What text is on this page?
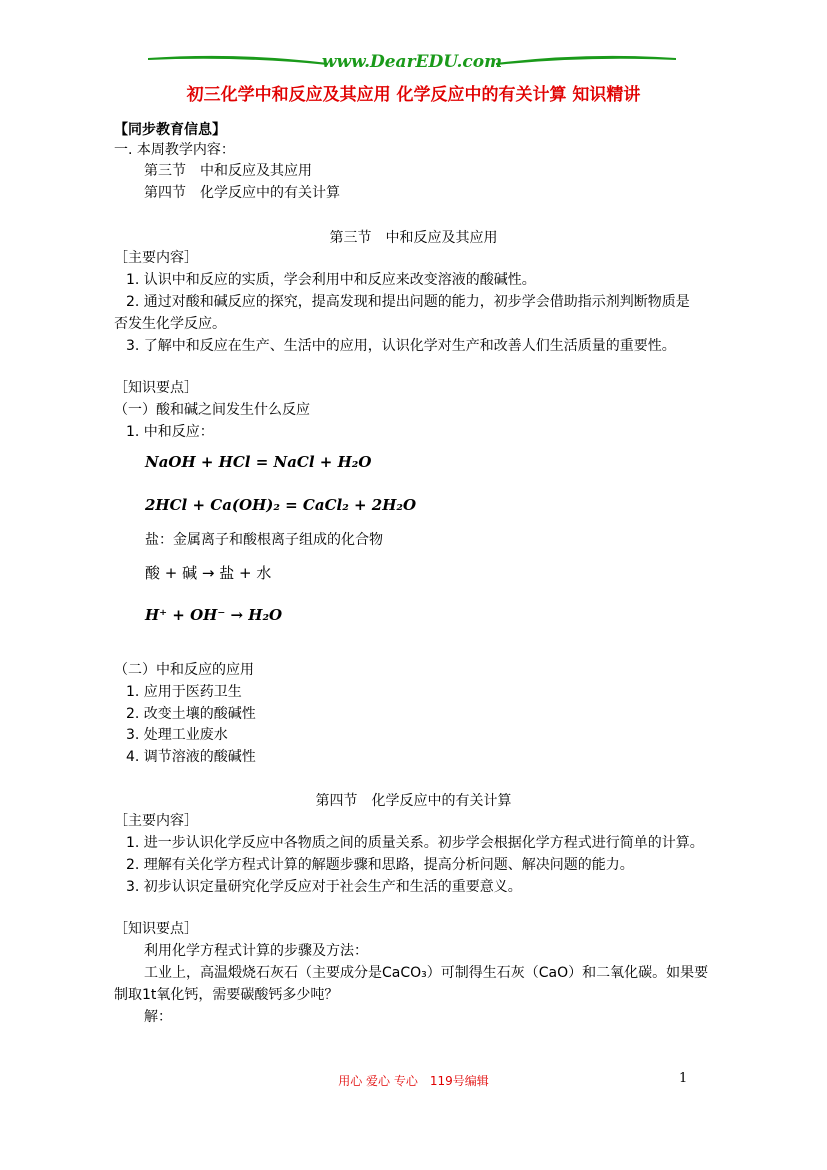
www.DearEDU.com
初三化学中和反应及其应用 化学反应中的有关计算 知识精讲
【同步教育信息】
一. 本周教学内容：
第三节　中和反应及其应用
第四节　化学反应中的有关计算
第三节　中和反应及其应用
［主要内容］
1. 认识中和反应的实质，学会利用中和反应来改变溶液的酸碱性。
2. 通过对酸和碱反应的探究，提高发现和提出问题的能力，初步学会借助指示剂判断物质是
否发生化学反应。
3. 了解中和反应在生产、生活中的应用，认识化学对生产和改善人们生活质量的重要性。
［知识要点］
（一）酸和碱之间发生什么反应
1. 中和反应：
NaOH + HCl = NaCl + H₂O
2HCl + Ca(OH)₂ = CaCl₂ + 2H₂O
盐：金属离子和酸根离子组成的化合物
酸 + 碱 → 盐 + 水
H⁺ + OH⁻ → H₂O
（二）中和反应的应用
1. 应用于医药卫生
2. 改变土壤的酸碱性
3. 处理工业废水
4. 调节溶液的酸碱性
第四节　化学反应中的有关计算
［主要内容］
1. 进一步认识化学反应中各物质之间的质量关系。初步学会根据化学方程式进行简单的计算。
2. 理解有关化学方程式计算的解题步骤和思路，提高分析问题、解决问题的能力。
3. 初步认识定量研究化学反应对于社会生产和生活的重要意义。
［知识要点］
利用化学方程式计算的步骤及方法：
工业上，高温煅烧石灰石（主要成分是CaCO₃）可制得生石灰（CaO）和二氧化碳。如果要
制取1t氧化钙，需要碳酸钙多少吨？
解：
用心 爱心 专心　119号编辑	1
